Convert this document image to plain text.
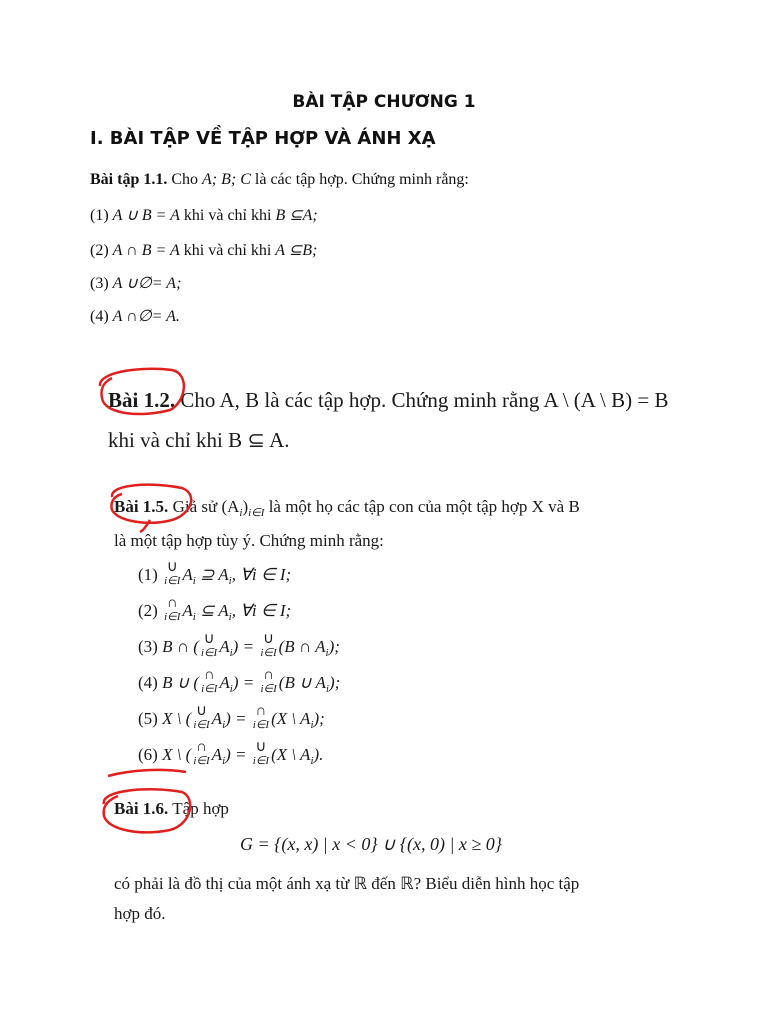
BÀI TẬP CHƯƠNG 1
I. BÀI TẬP VỀ TẬP HỢP VÀ ÁNH XẠ
Bài tập 1.1. Cho A; B; C là các tập hợp. Chứng minh rằng:
(1) A ∪ B = A khi và chỉ khi B ⊆A;
(2) A ∩ B = A khi và chỉ khi A ⊆B;
(3) A ∪∅= A;
(4) A ∩∅= A.
Bài 1.2. Cho A, B là các tập hợp. Chứng minh rằng A \ (A \ B) = B
khi và chỉ khi B ⊆ A.
Bài 1.5. Giả sử $(A_i)_{i\in I}$ là một họ các tập con của một tập hợp X và B
là một tập hợp tùy ý. Chứng minh rằng:
(1) ∪
i∈I $A_i$ ⊇ $A_i$, ∀i ∈ I;
(2) ∩
i∈I $A_i$ ⊆ $A_i$, ∀i ∈ I;
(3) B ∩ ( ∪
i∈I $A_i$) = ∪
i∈I (B ∩ $A_i$);
(4) B ∪ ( ∩
i∈I $A_i$) = ∩
i∈I (B ∪ $A_i$);
(5) X \ ( ∪
i∈I $A_i$) = ∩
i∈I (X \ $A_i$);
(6) X \ ( ∩
i∈I $A_i$) = ∪
i∈I (X \ $A_i$).
Bài 1.6. Tập hợp
G = {(x, x) | x < 0} ∪ {(x, 0) | x ≥ 0}
có phải là đồ thị của một ánh xạ từ ℝ đến ℝ? Biểu diễn hình học tập
hợp đó.
